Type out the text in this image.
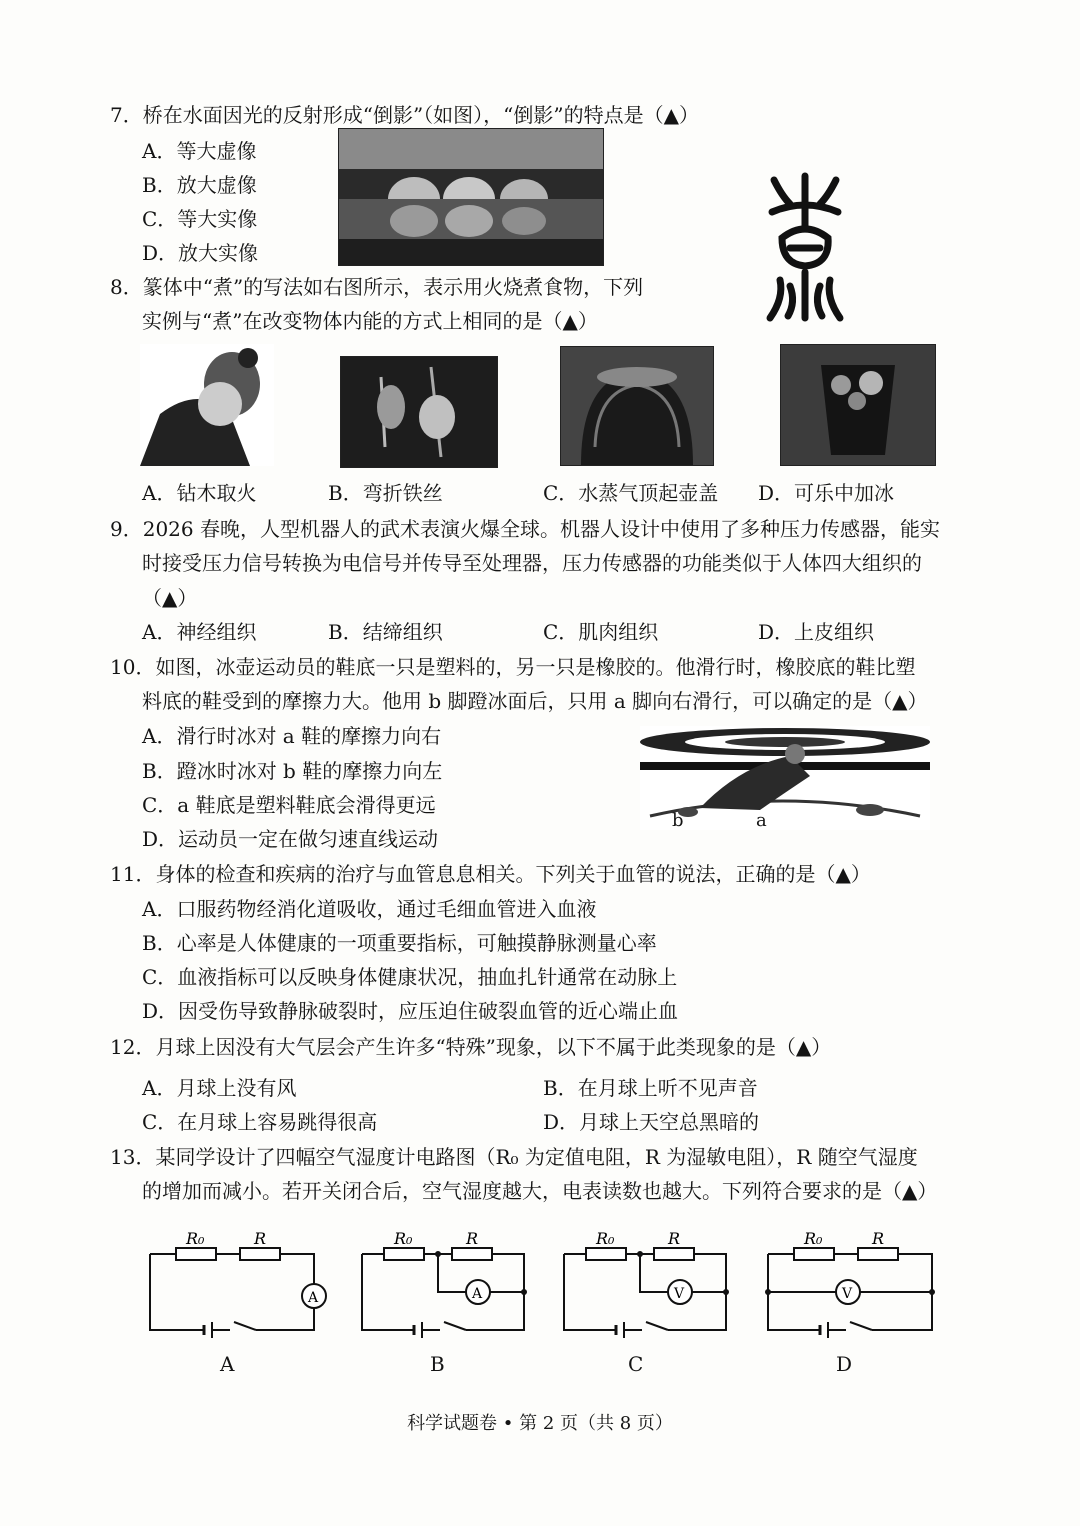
7．桥在水面因光的反射形成“倒影”（如图），“倒影”的特点是（▲）
A．等大虚像
B．放大虚像
C．等大实像
D．放大实像
8．篆体中“煮”的写法如右图所示，表示用火烧煮食物，下列
实例与“煮”在改变物体内能的方式上相同的是（▲）
A．钻木取火	B．弯折铁丝	C．水蒸气顶起壶盖 D．可乐中加冰
9．2026 春晚，人型机器人的武术表演火爆全球。机器人设计中使用了多种压力传感器，能实
时接受压力信号转换为电信号并传导至处理器，压力传感器的功能类似于人体四大组织的
（▲）
A．神经组织	B．结缔组织	C．肌肉组织	D．上皮组织
10．如图，冰壶运动员的鞋底一只是塑料的，另一只是橡胶的。他滑行时，橡胶底的鞋比塑
料底的鞋受到的摩擦力大。他用 b 脚蹬冰面后，只用 a 脚向右滑行，可以确定的是（▲）
A．滑行时冰对 a 鞋的摩擦力向右
B．蹬冰时冰对 b 鞋的摩擦力向左
C．a 鞋底是塑料鞋底会滑得更远
D．运动员一定在做匀速直线运动
b	a
11．身体的检查和疾病的治疗与血管息息相关。下列关于血管的说法，正确的是（▲）
A．口服药物经消化道吸收，通过毛细血管进入血液
B．心率是人体健康的一项重要指标，可触摸静脉测量心率
C．血液指标可以反映身体健康状况，抽血扎针通常在动脉上
D．因受伤导致静脉破裂时，应压迫住破裂血管的近心端止血
12．月球上因没有大气层会产生许多“特殊”现象，以下不属于此类现象的是（▲）
A．月球上没有风	B．在月球上听不见声音
C．在月球上容易跳得很高	D．月球上天空总黑暗的
13．某同学设计了四幅空气湿度计电路图（R₀ 为定值电阻，R 为湿敏电阻），R 随空气湿度
的增加而减小。若开关闭合后，空气湿度越大，电表读数也越大。下列符合要求的是（▲）
R₀	R
A
A
R₀	R
A
B
R₀	R
V
C
R₀	R
V
D
科学试题卷 • 第 2 页（共 8 页）
